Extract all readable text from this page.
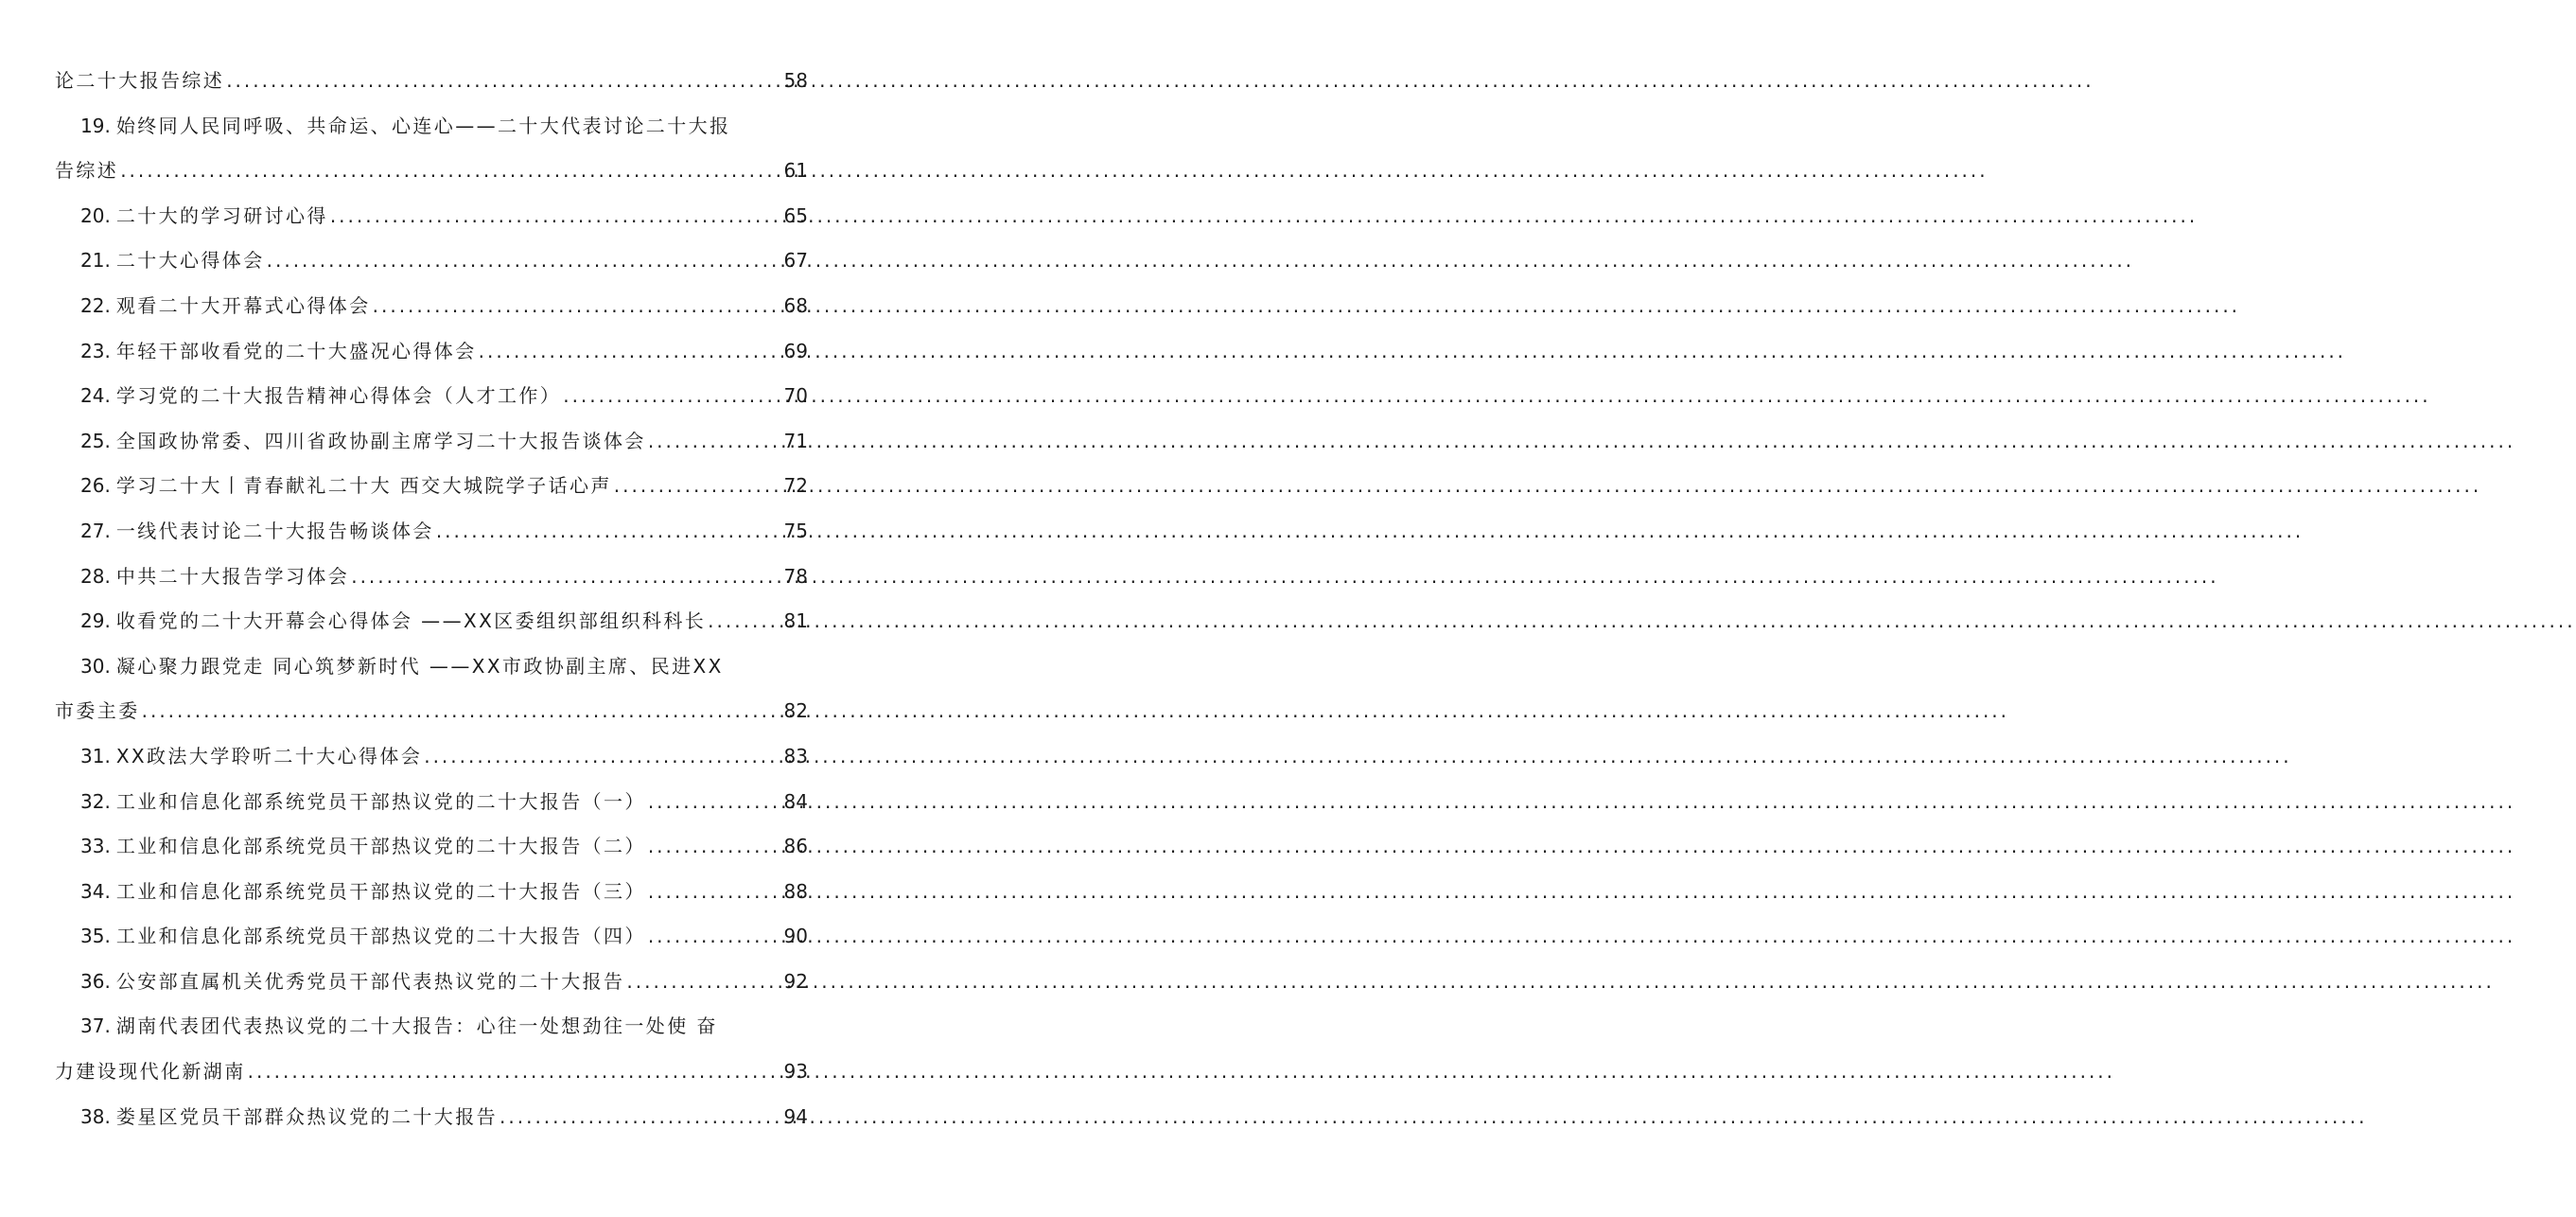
论二十大报告综述 .....	58
19. 始终同人民同呼吸、共命运、心连心——二十大代表讨论二十大报
告综述 .....	61
20. 二十大的学习研讨心得 .....	65
21. 二十大心得体会 .....	67
22. 观看二十大开幕式心得体会 .....	68
23. 年轻干部收看党的二十大盛况心得体会 .....	69
24. 学习党的二十大报告精神心得体会（人才工作） .....	70
25. 全国政协常委、四川省政协副主席学习二十大报告谈体会 .....	71
26. 学习二十大丨青春献礼二十大 西交大城院学子话心声 .....	72
27. 一线代表讨论二十大报告畅谈体会 .....	75
28. 中共二十大报告学习体会 .....	78
29. 收看党的二十大开幕会心得体会 ——XX区委组织部组织科科长 .....	81
30. 凝心聚力跟党走 同心筑梦新时代 ——XX市政协副主席、民进XX
市委主委 .....	82
31. XX政法大学聆听二十大心得体会 .....	83
32. 工业和信息化部系统党员干部热议党的二十大报告（一） .....	84
33. 工业和信息化部系统党员干部热议党的二十大报告（二） .....	86
34. 工业和信息化部系统党员干部热议党的二十大报告（三） .....	88
35. 工业和信息化部系统党员干部热议党的二十大报告（四） .....	90
36. 公安部直属机关优秀党员干部代表热议党的二十大报告 .....	92
37. 湖南代表团代表热议党的二十大报告：心往一处想劲往一处使 奋
力建设现代化新湖南 .....	93
38. 娄星区党员干部群众热议党的二十大报告 .....	94
